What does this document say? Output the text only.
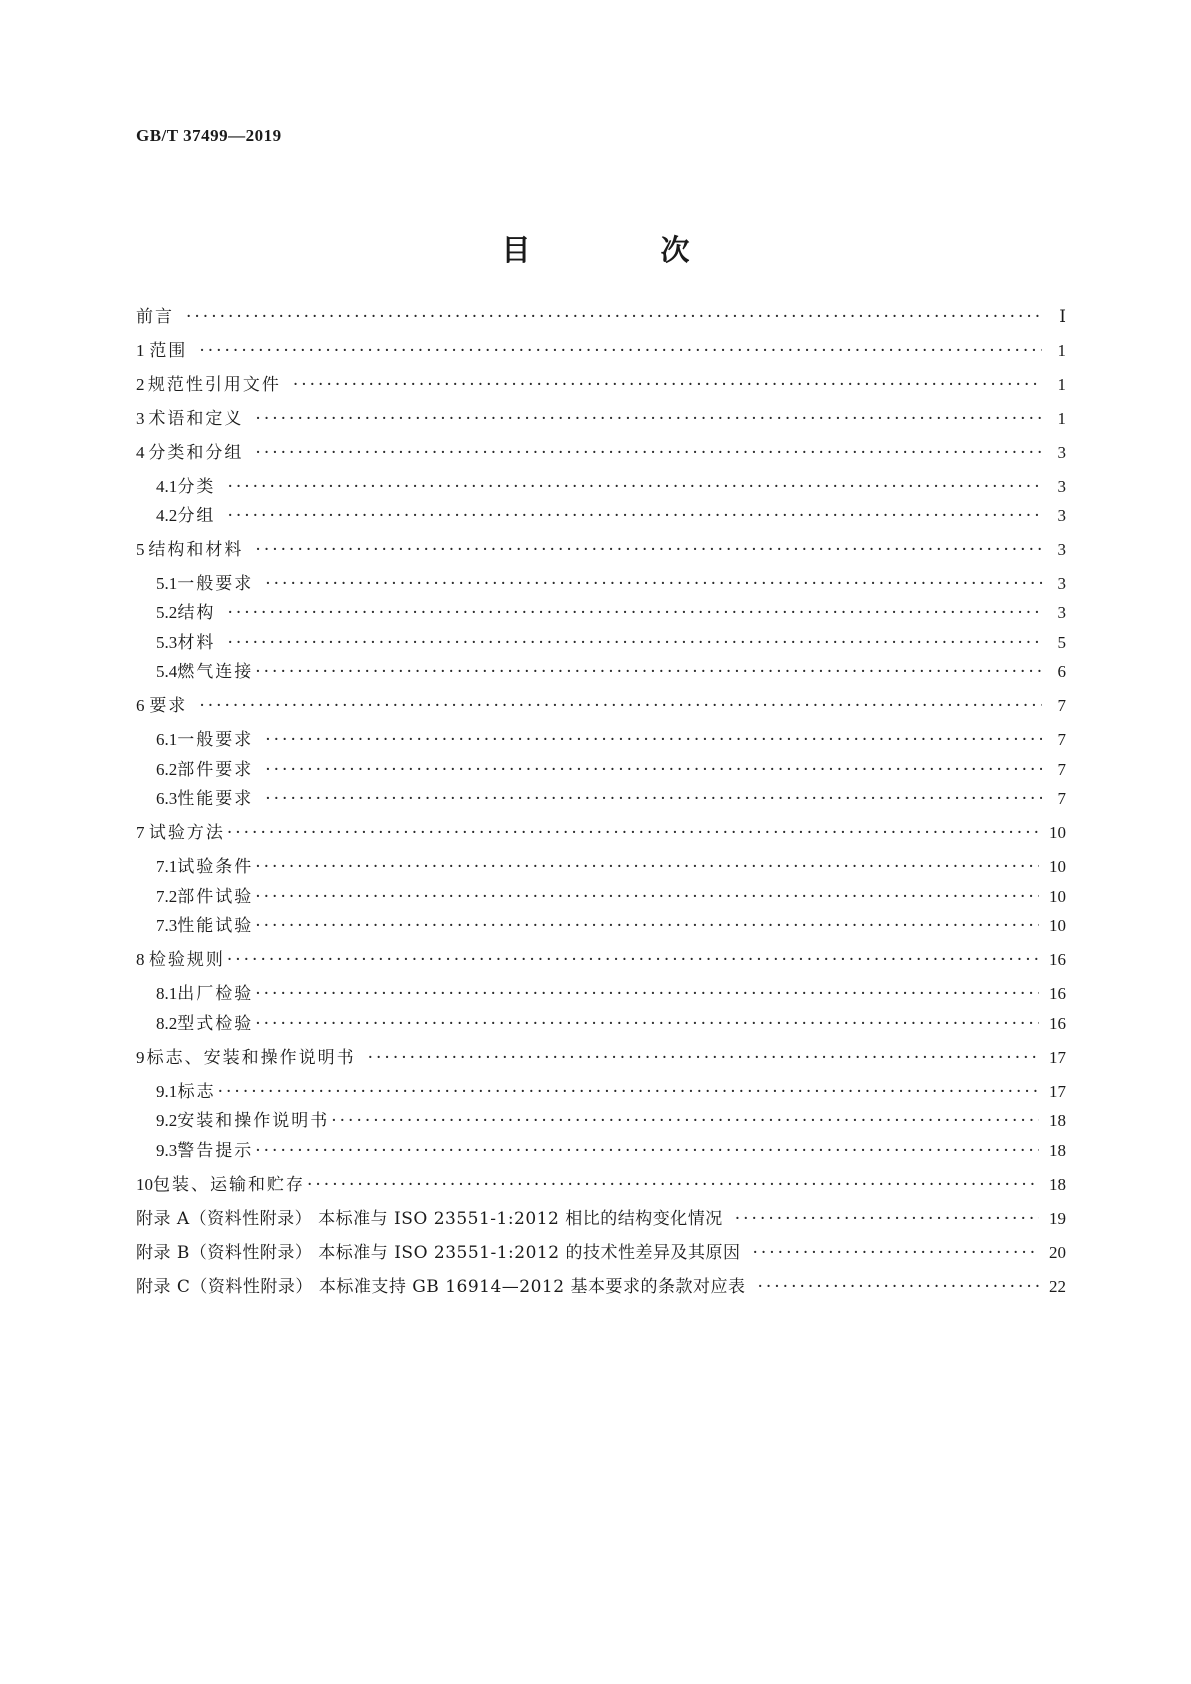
GB/T 37499—2019
目 次
前言 ·····	Ⅰ
1 范围 ·····	1
2 规范性引用文件 ·····	1
3 术语和定义 ·····	1
4 分类和分组 ·····	3
4.1 分类 ·····	3
4.2 分组 ·····	3
5 结构和材料 ·····	3
5.1 一般要求 ·····	3
5.2 结构 ·····	3
5.3 材料 ·····	5
5.4 燃气连接 ·····	6
6 要求 ·····	7
6.1 一般要求 ·····	7
6.2 部件要求 ·····	7
6.3 性能要求 ·····	7
7 试验方法 ·····	10
7.1 试验条件 ·····	10
7.2 部件试验 ·····	10
7.3 性能试验 ·····	10
8 检验规则 ·····	16
8.1 出厂检验 ·····	16
8.2 型式检验 ·····	16
9 标志、安装和操作说明书 ·····	17
9.1 标志 ·····	17
9.2 安装和操作说明书 ·····	18
9.3 警告提示 ·····	18
10 包装、运输和贮存 ·····	18
附录 A（资料性附录） 本标准与 ISO 23551-1:2012 相比的结构变化情况 ·····	19
附录 B（资料性附录） 本标准与 ISO 23551-1:2012 的技术性差异及其原因 ·····	20
附录 C（资料性附录） 本标准支持 GB 16914—2012 基本要求的条款对应表 ·····	22
